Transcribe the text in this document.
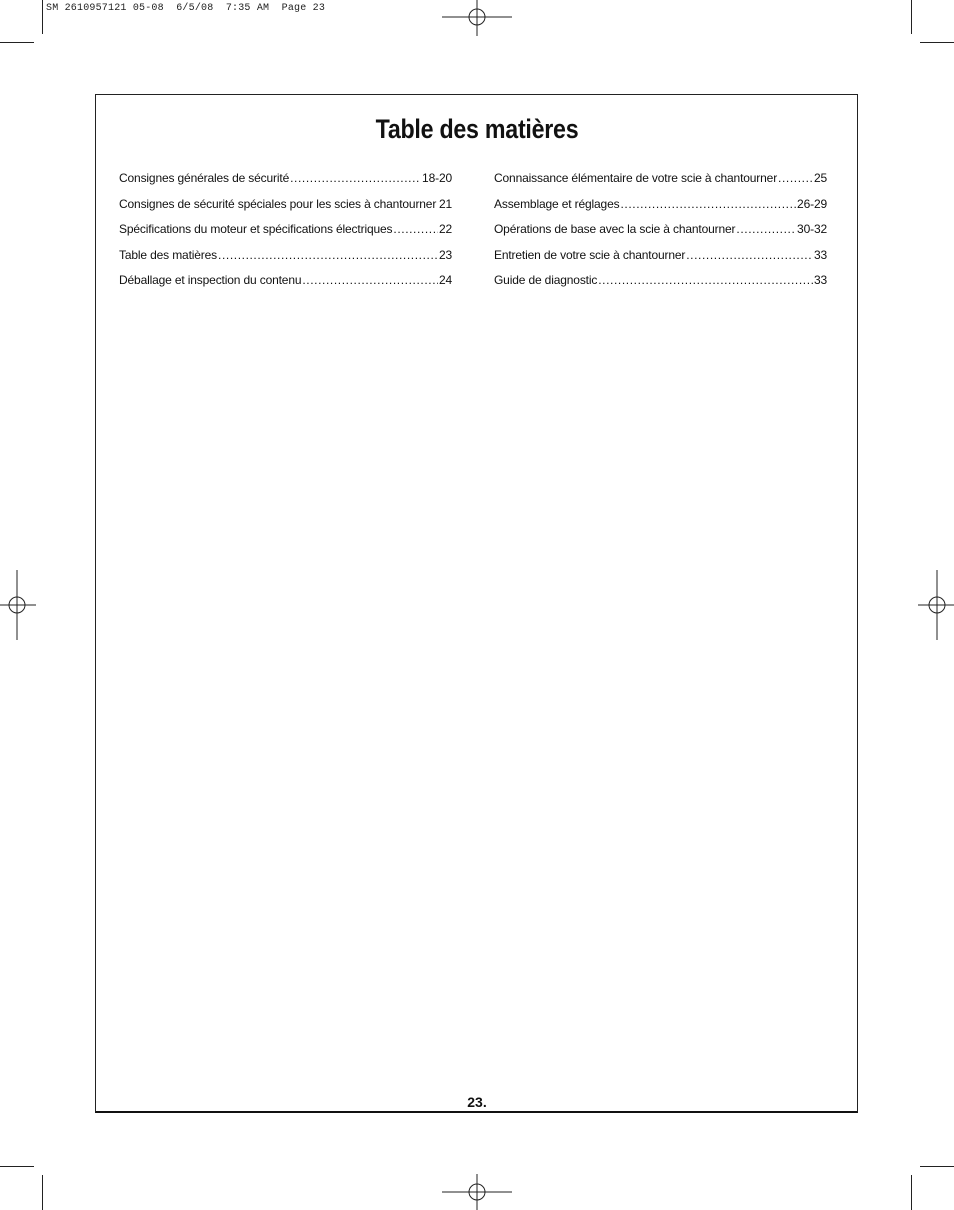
SM 2610957121 05-08  6/5/08  7:35 AM  Page 23
Table des matières
Consignes générales de sécurité .....	18-20
Consignes de sécurité spéciales pour les scies à chantourner ..... 21
Spécifications du moteur et spécifications électriques .....	22
Table des matières .....	23
Déballage et inspection du contenu .....	24
Connaissance élémentaire de votre scie à chantourner .....	25
Assemblage et réglages .....	26-29
Opérations de base avec la scie à chantourner .....	30-32
Entretien de votre scie à chantourner .....	33
Guide de diagnostic .....	33
23.
